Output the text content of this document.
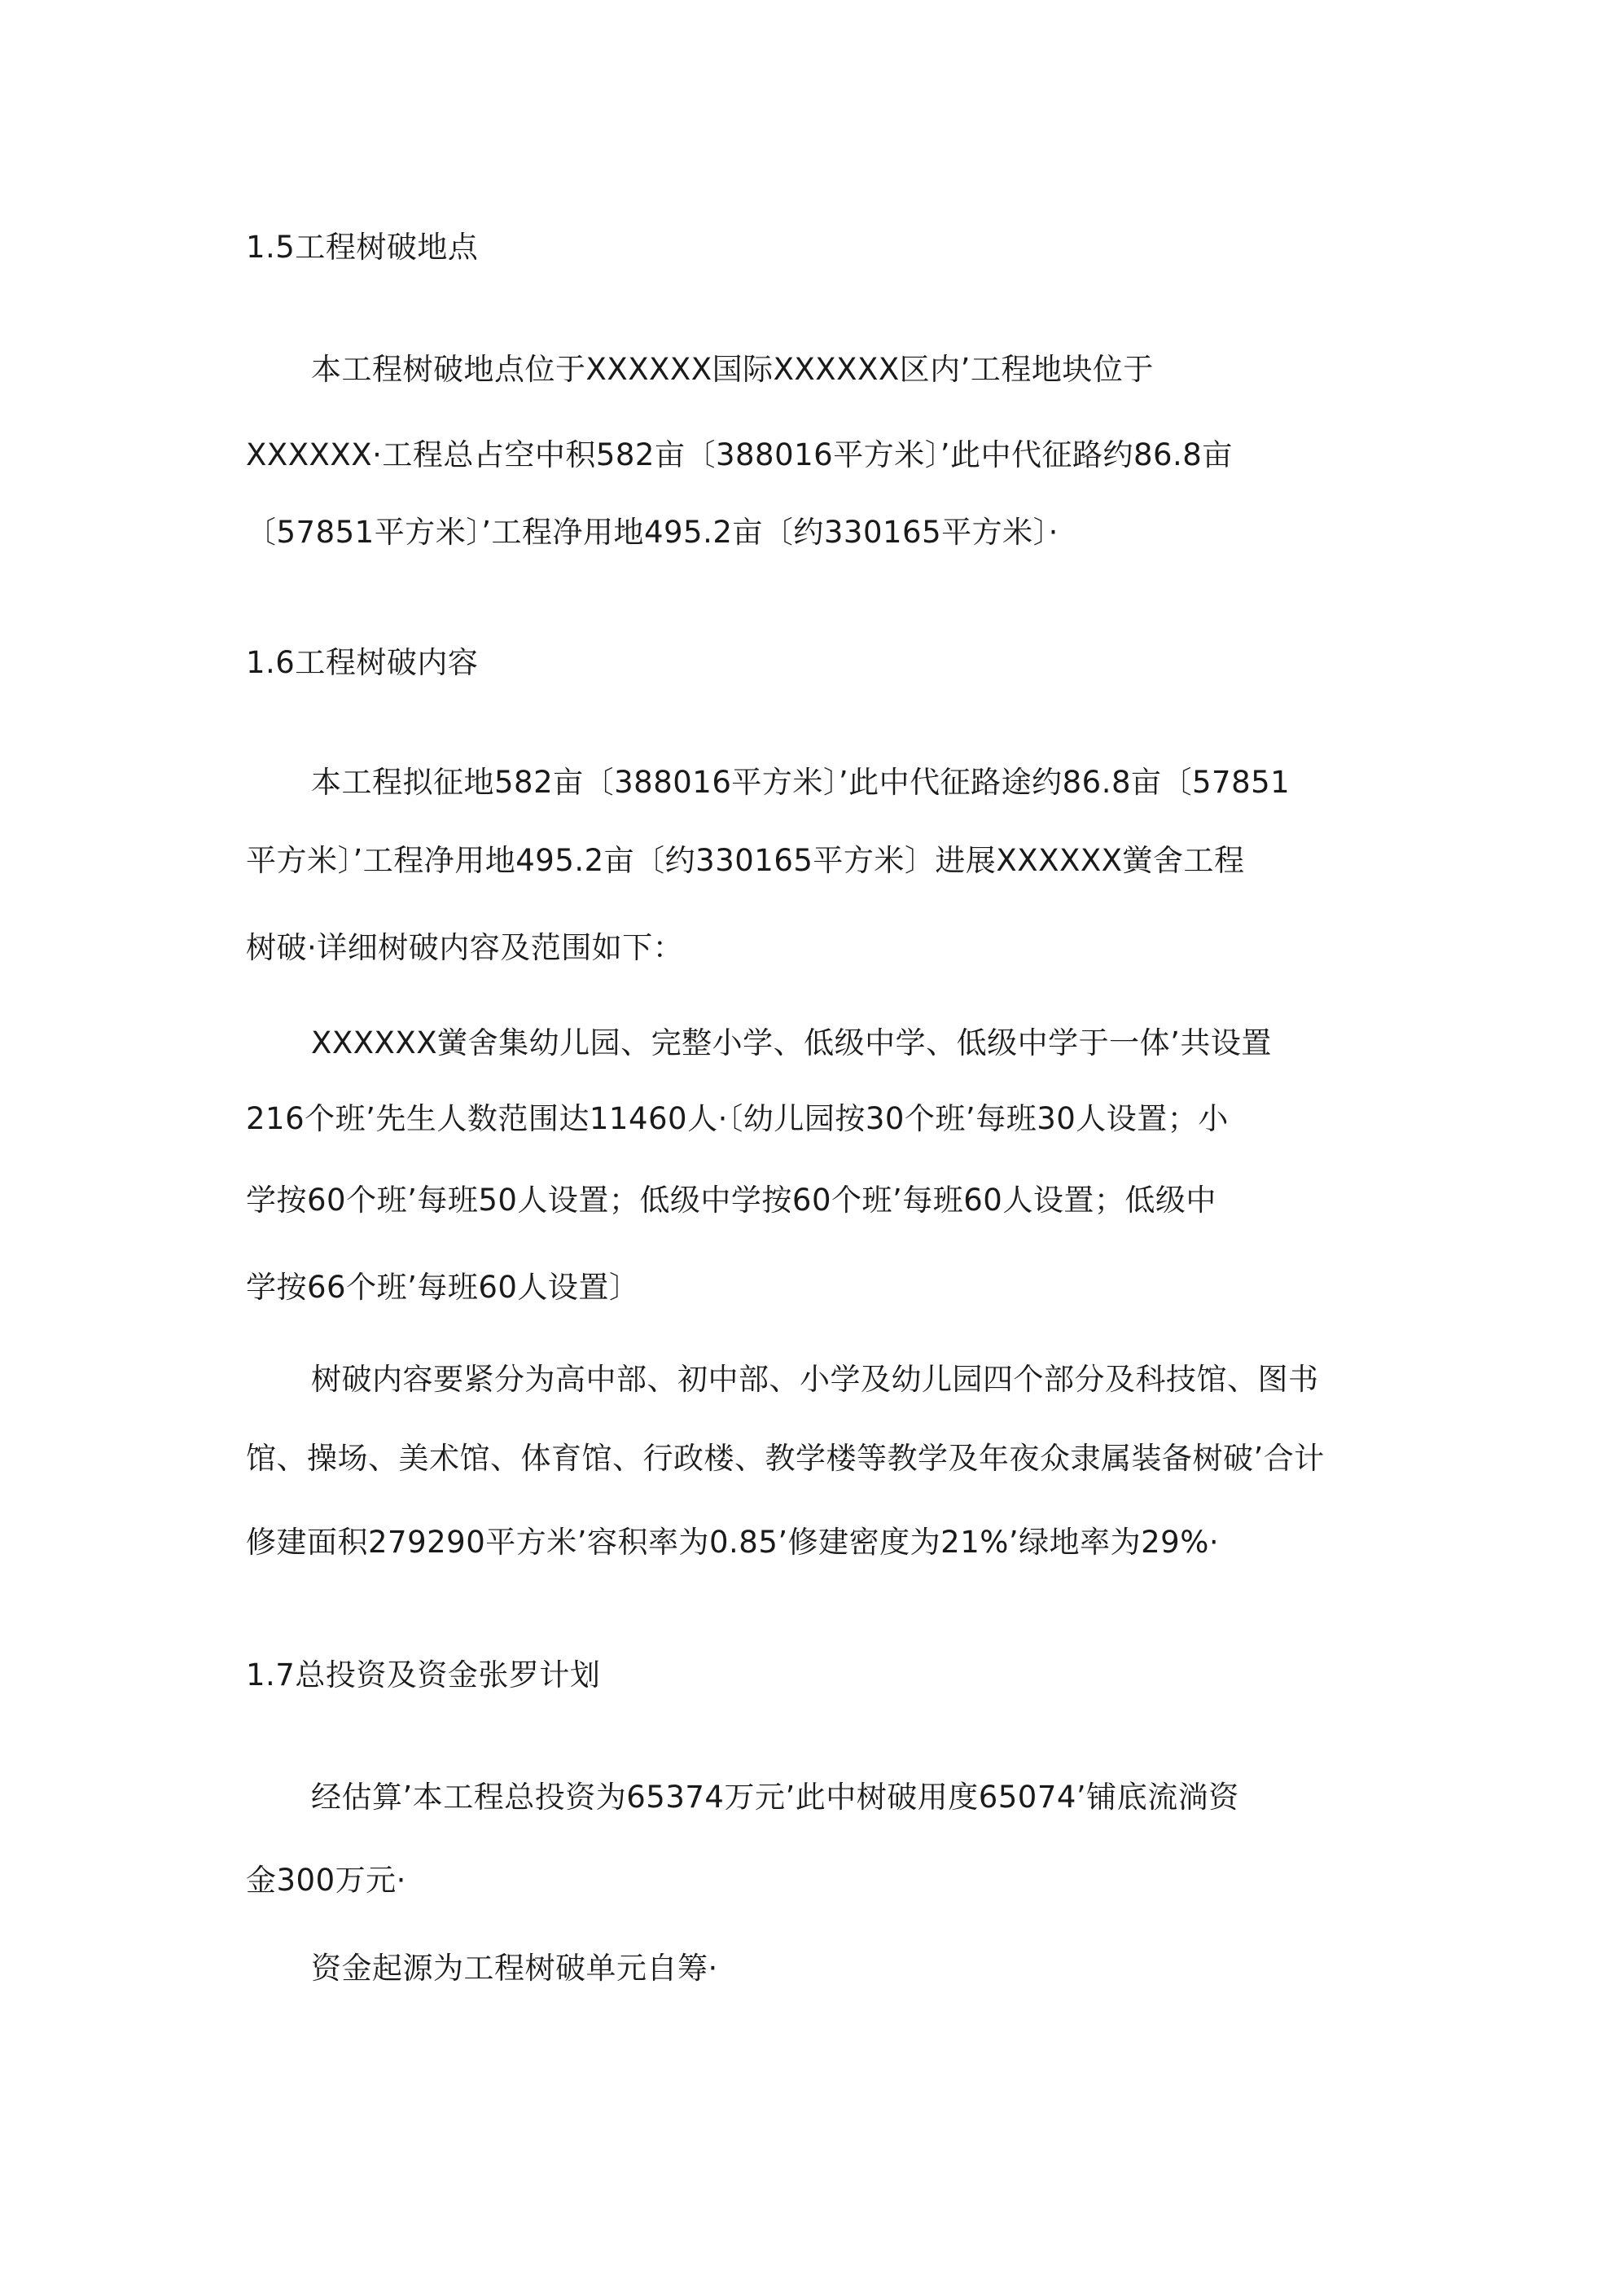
1.5工程树破地点
本工程树破地点位于XXXXXX国际XXXXXX区内’工程地块位于
XXXXXX·工程总占空中积582亩〔388016平方米〕’此中代征路约86.8亩
〔57851平方米〕’工程净用地495.2亩〔约330165平方米〕·
1.6工程树破内容
本工程拟征地582亩〔388016平方米〕’此中代征路途约86.8亩〔57851
平方米〕’工程净用地495.2亩〔约330165平方米〕进展XXXXXX黉舍工程
树破·详细树破内容及范围如下：
XXXXXX黉舍集幼儿园、完整小学、低级中学、低级中学于一体’共设置
216个班’先生人数范围达11460人·〔幼儿园按30个班’每班30人设置；小
学按60个班’每班50人设置；低级中学按60个班’每班60人设置；低级中
学按66个班’每班60人设置〕
树破内容要紧分为高中部、初中部、小学及幼儿园四个部分及科技馆、图书
馆、操场、美术馆、体育馆、行政楼、教学楼等教学及年夜众隶属装备树破’合计
修建面积279290平方米’容积率为0.85’修建密度为21%’绿地率为29%·
1.7总投资及资金张罗计划
经估算’本工程总投资为65374万元’此中树破用度65074’铺底流淌资
金300万元·
资金起源为工程树破单元自筹·
